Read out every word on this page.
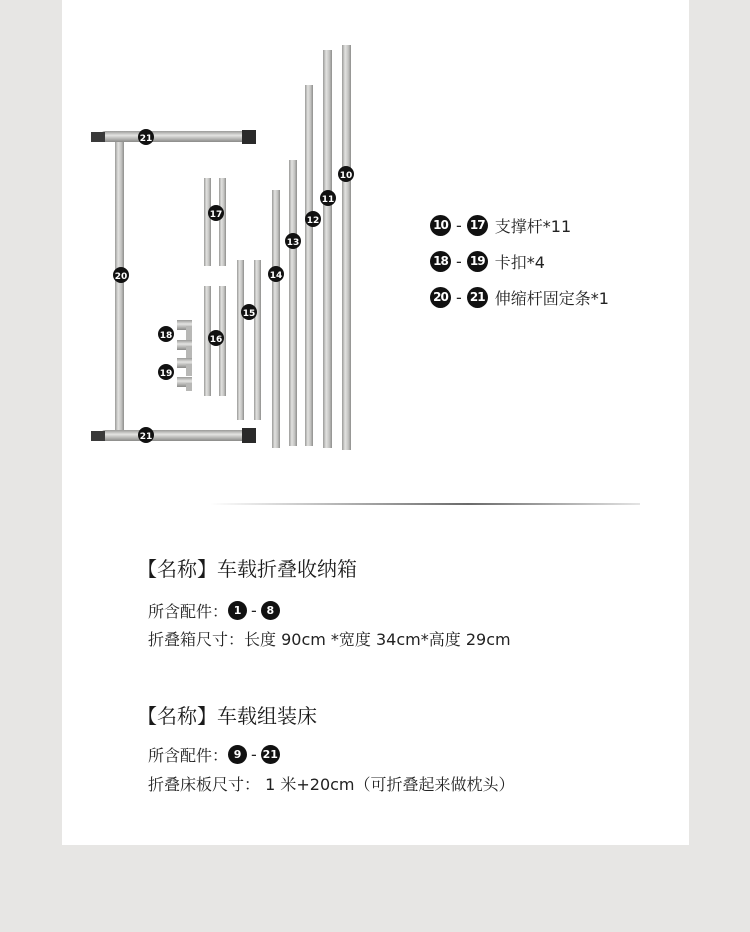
21
21
20
17
16
18
19
15
14
13
12
11
10
10 - 17 支撑杆*11
18 - 19 卡扣*4
20 - 21 伸缩杆固定条*1
【名称】车载折叠收纳箱
所含配件： 1 - 8
折叠箱尺寸：长度 90cm *宽度 34cm*高度 29cm
【名称】车载组装床
所含配件： 9 - 21
折叠床板尺寸： 1 米+20cm（可折叠起来做枕头）
